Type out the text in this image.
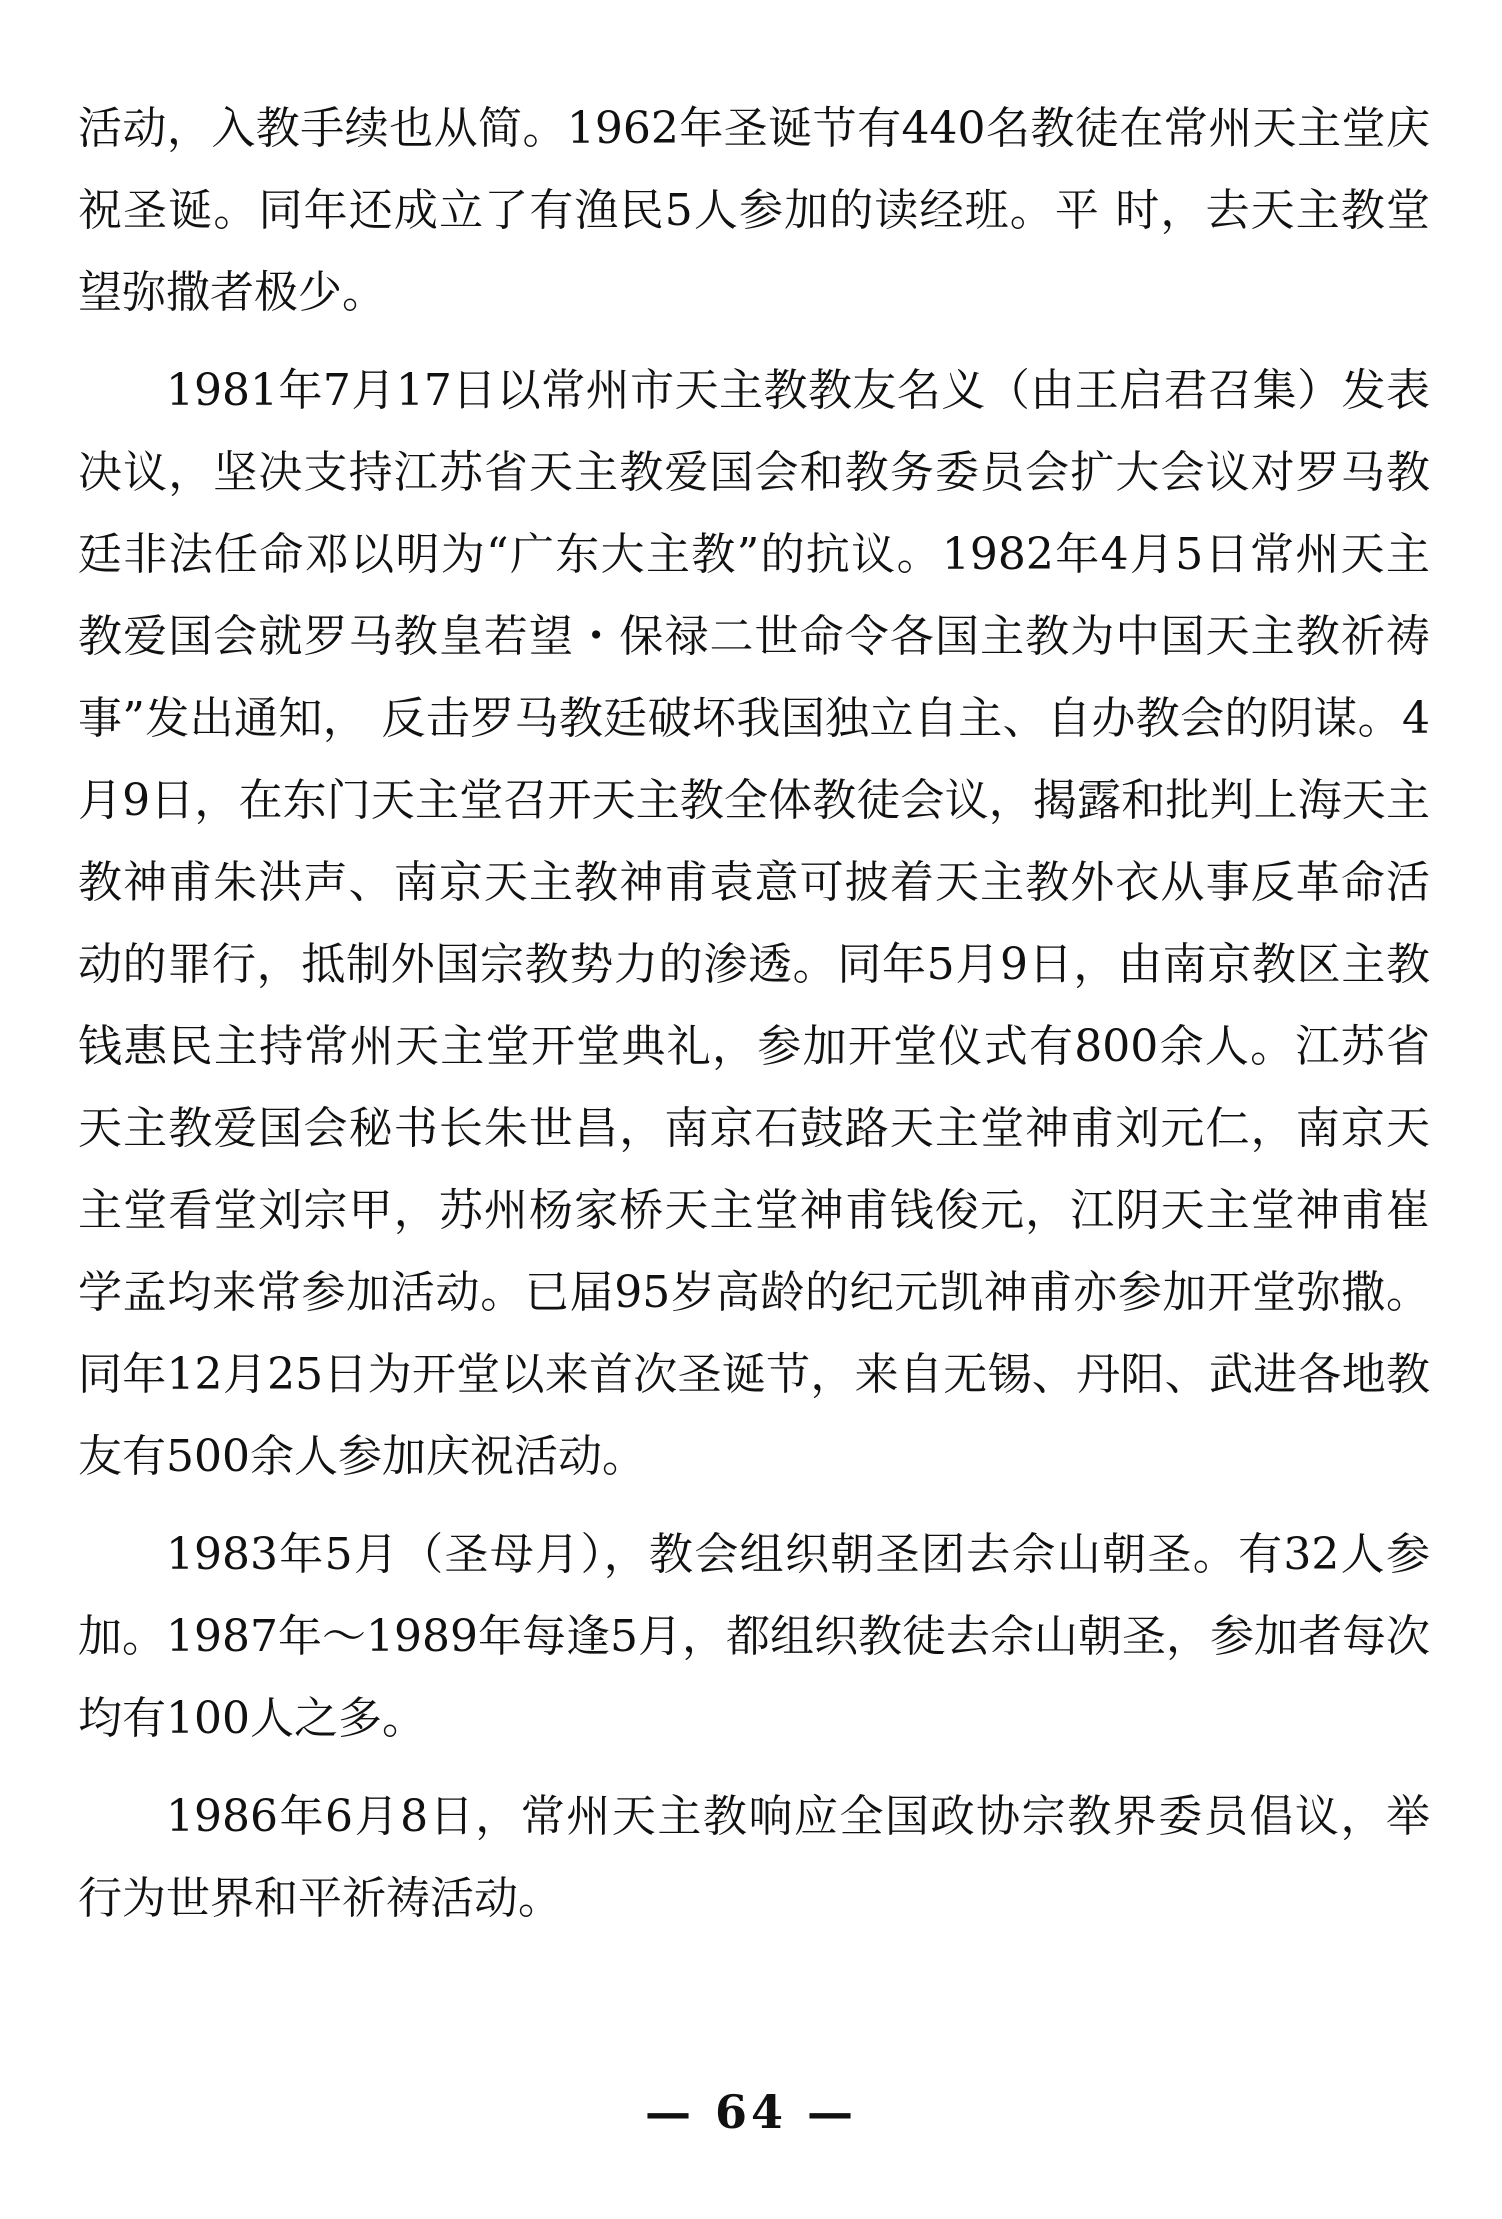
活动，入教手续也从简。1962年圣诞节有440名教徒在常州天主堂庆祝圣诞。同年还成立了有渔民5人参加的读经班。平 时，去天主教堂望弥撒者极少。

1981年7月17日以常州市天主教教友名义（由王启君召集）发表决议，坚决支持江苏省天主教爱国会和教务委员会扩大会议对罗马教廷非法任命邓以明为“广东大主教”的抗议。1982年4月5日常州天主教爱国会就罗马教皇若望・保禄二世命令各国主教为中国天主教祈祷事”发出通知， 反击罗马教廷破坏我国独立自主、自办教会的阴谋。4月9日，在东门天主堂召开天主教全体教徒会议，揭露和批判上海天主教神甫朱洪声、南京天主教神甫袁意可披着天主教外衣从事反革命活动的罪行，抵制外国宗教势力的渗透。同年5月9日，由南京教区主教钱惠民主持常州天主堂开堂典礼，参加开堂仪式有800余人。江苏省天主教爱国会秘书长朱世昌，南京石鼓路天主堂神甫刘元仁，南京天主堂看堂刘宗甲，苏州杨家桥天主堂神甫钱俊元，江阴天主堂神甫崔学孟均来常参加活动。已届95岁高龄的纪元凯神甫亦参加开堂弥撒。同年12月25日为开堂以来首次圣诞节，来自无锡、丹阳、武进各地教友有500余人参加庆祝活动。

1983年5月（圣母月），教会组织朝圣团去佘山朝圣。有32人参加。1987年～1989年每逢5月，都组织教徒去佘山朝圣，参加者每次均有100人之多。

1986年6月8日，常州天主教响应全国政协宗教界委员倡议，举行为世界和平祈祷活动。

— 64 —
